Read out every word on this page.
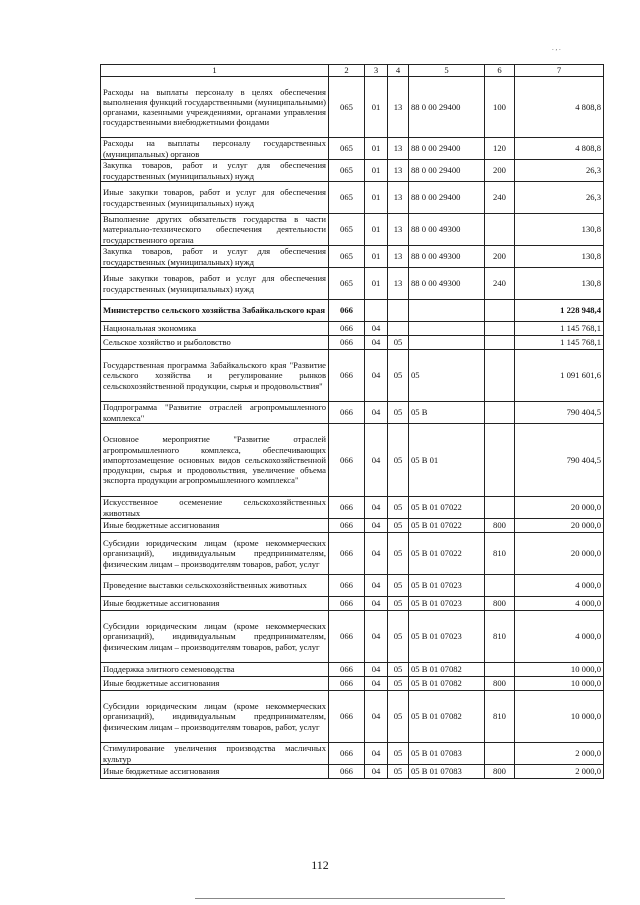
1	2	3	4	5	6	7
Расходы на выплаты персоналу в целях обеспечения выполнения функций государственными (муниципальными) органами, казенными учреждениями, органами управления государственными внебюджетными фондами	065	01	13	88 0 00 29400	100	4 808,8
Расходы на выплаты персоналу государственных (муниципальных) органов	065	01	13	88 0 00 29400	120	4 808,8
Закупка товаров, работ и услуг для обеспечения государственных (муниципальных) нужд	065	01	13	88 0 00 29400	200	26,3
Иные закупки товаров, работ и услуг для обеспечения государственных (муниципальных) нужд	065	01	13	88 0 00 29400	240	26,3
Выполнение других обязательств государства в части материально-технического обеспечения деятельности государственного органа	065	01	13	88 0 00 49300		130,8
Закупка товаров, работ и услуг для обеспечения государственных (муниципальных) нужд	065	01	13	88 0 00 49300	200	130,8
Иные закупки товаров, работ и услуг для обеспечения государственных (муниципальных) нужд	065	01	13	88 0 00 49300	240	130,8
Министерство сельского хозяйства Забайкальского края	066					1 228 948,4
Национальная экономика	066	04				1 145 768,1
Сельское хозяйство и рыболовство	066	04	05			1 145 768,1
Государственная программа Забайкальского края "Развитие сельского хозяйства и регулирование рынков сельскохозяйственной продукции, сырья и продовольствия"	066	04	05	05		1 091 601,6
Подпрограмма "Развитие отраслей агропромышленного комплекса"	066	04	05	05 В		790 404,5
Основное мероприятие "Развитие отраслей агропромышленного комплекса, обеспечивающих импортозамещение основных видов сельскохозяйственной продукции, сырья и продовольствия, увеличение объема экспорта продукции агропромышленного комплекса"	066	04	05	05 В 01		790 404,5
Искусственное осеменение сельскохозяйственных животных	066	04	05	05 В 01 07022		20 000,0
Иные бюджетные ассигнования	066	04	05	05 В 01 07022	800	20 000,0
Субсидии юридическим лицам (кроме некоммерческих организаций), индивидуальным предпринимателям, физическим лицам – производителям товаров, работ, услуг	066	04	05	05 В 01 07022	810	20 000,0
Проведение выставки сельскохозяйственных животных	066	04	05	05 В 01 07023		4 000,0
Иные бюджетные ассигнования	066	04	05	05 В 01 07023	800	4 000,0
Субсидии юридическим лицам (кроме некоммерческих организаций), индивидуальным предпринимателям, физическим лицам – производителям товаров, работ, услуг	066	04	05	05 В 01 07023	810	4 000,0
Поддержка элитного семеноводства	066	04	05	05 В 01 07082		10 000,0
Иные бюджетные ассигнования	066	04	05	05 В 01 07082	800	10 000,0
Субсидии юридическим лицам (кроме некоммерческих организаций), индивидуальным предпринимателям, физическим лицам – производителям товаров, работ, услуг	066	04	05	05 В 01 07082	810	10 000,0
Стимулирование увеличения производства масличных культур	066	04	05	05 В 01 07083		2 000,0
Иные бюджетные ассигнования	066	04	05	05 В 01 07083	800	2 000,0
112
. , .
